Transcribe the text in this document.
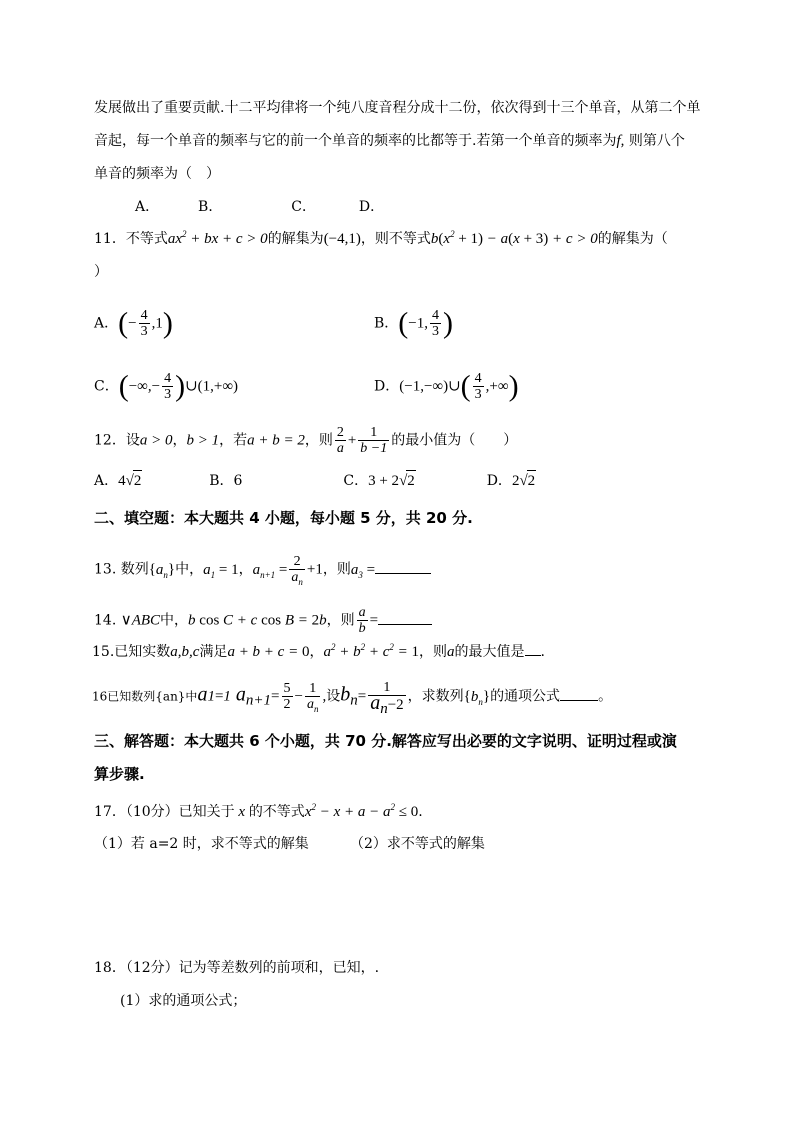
发展做出了重要贡献.十二平均律将一个纯八度音程分成十二份，依次得到十三个单音，从第二个单
音起，每一个单音的频率与它的前一个单音的频率的比都等于.若第一个单音的频率为f, 则第八个
单音的频率为（　）
A．	B．	C．	D．
11．不等式$ax^2$ + bx + c > 0的解集为(−4,1)，则不等式$b(x^2 + 1) - a(x + 3) + c > 0$的解集为（
）
A．(− $\frac{4}{3} ,1$)	B．(−1, $\frac{4}{3}$ )
C．(−∞,− $\frac{4}{3}$ )∪(1,+∞)	D．(−1,−∞)∪( $\frac{4}{3}$ ,+∞)
12．设a > 0，b > 1，若a + b = 2，则 $\frac{2}{a} + \frac{1}{b -1}$ 的最小值为（　　）
A．4√2	B．6	C．3 + 2√2	D．2√2
二、填空题：本大题共 4 小题，每小题 5 分，共 20 分.
13. 数列$\{a_n\}$中，$a_1 = 1$，$a_{n+1} = \frac{2}{a_n} +1$，则$a_3$ =
14. ∨ABC中，b cos C + c cos B = 2b，则 $\frac{a}{b}$ =
15.已知实数a,b,c满足a + b + c = 0，$a^2 + b^2 + c^2 = 1$，则a的最大值是 .
16已知数列{an}中a1=1 $a_{n+1}= \frac{5}{2} - \frac{1}{a_n}$ ,设$b_n= \frac{1}{a_n-2}$ ，求数列$\{b_n\}$的通项公式	。
三、解答题：本大题共 6 个小题，共 70 分.解答应写出必要的文字说明、证明过程或演
算步骤.
17．（10分）已知关于 x 的不等式$x^2 - x + a - a^2 \le 0$.
（1）若 a=2 时，求不等式的解集	（2）求不等式的解集
18．（12分）记为等差数列的前项和，已知，.
(1）求的通项公式；
